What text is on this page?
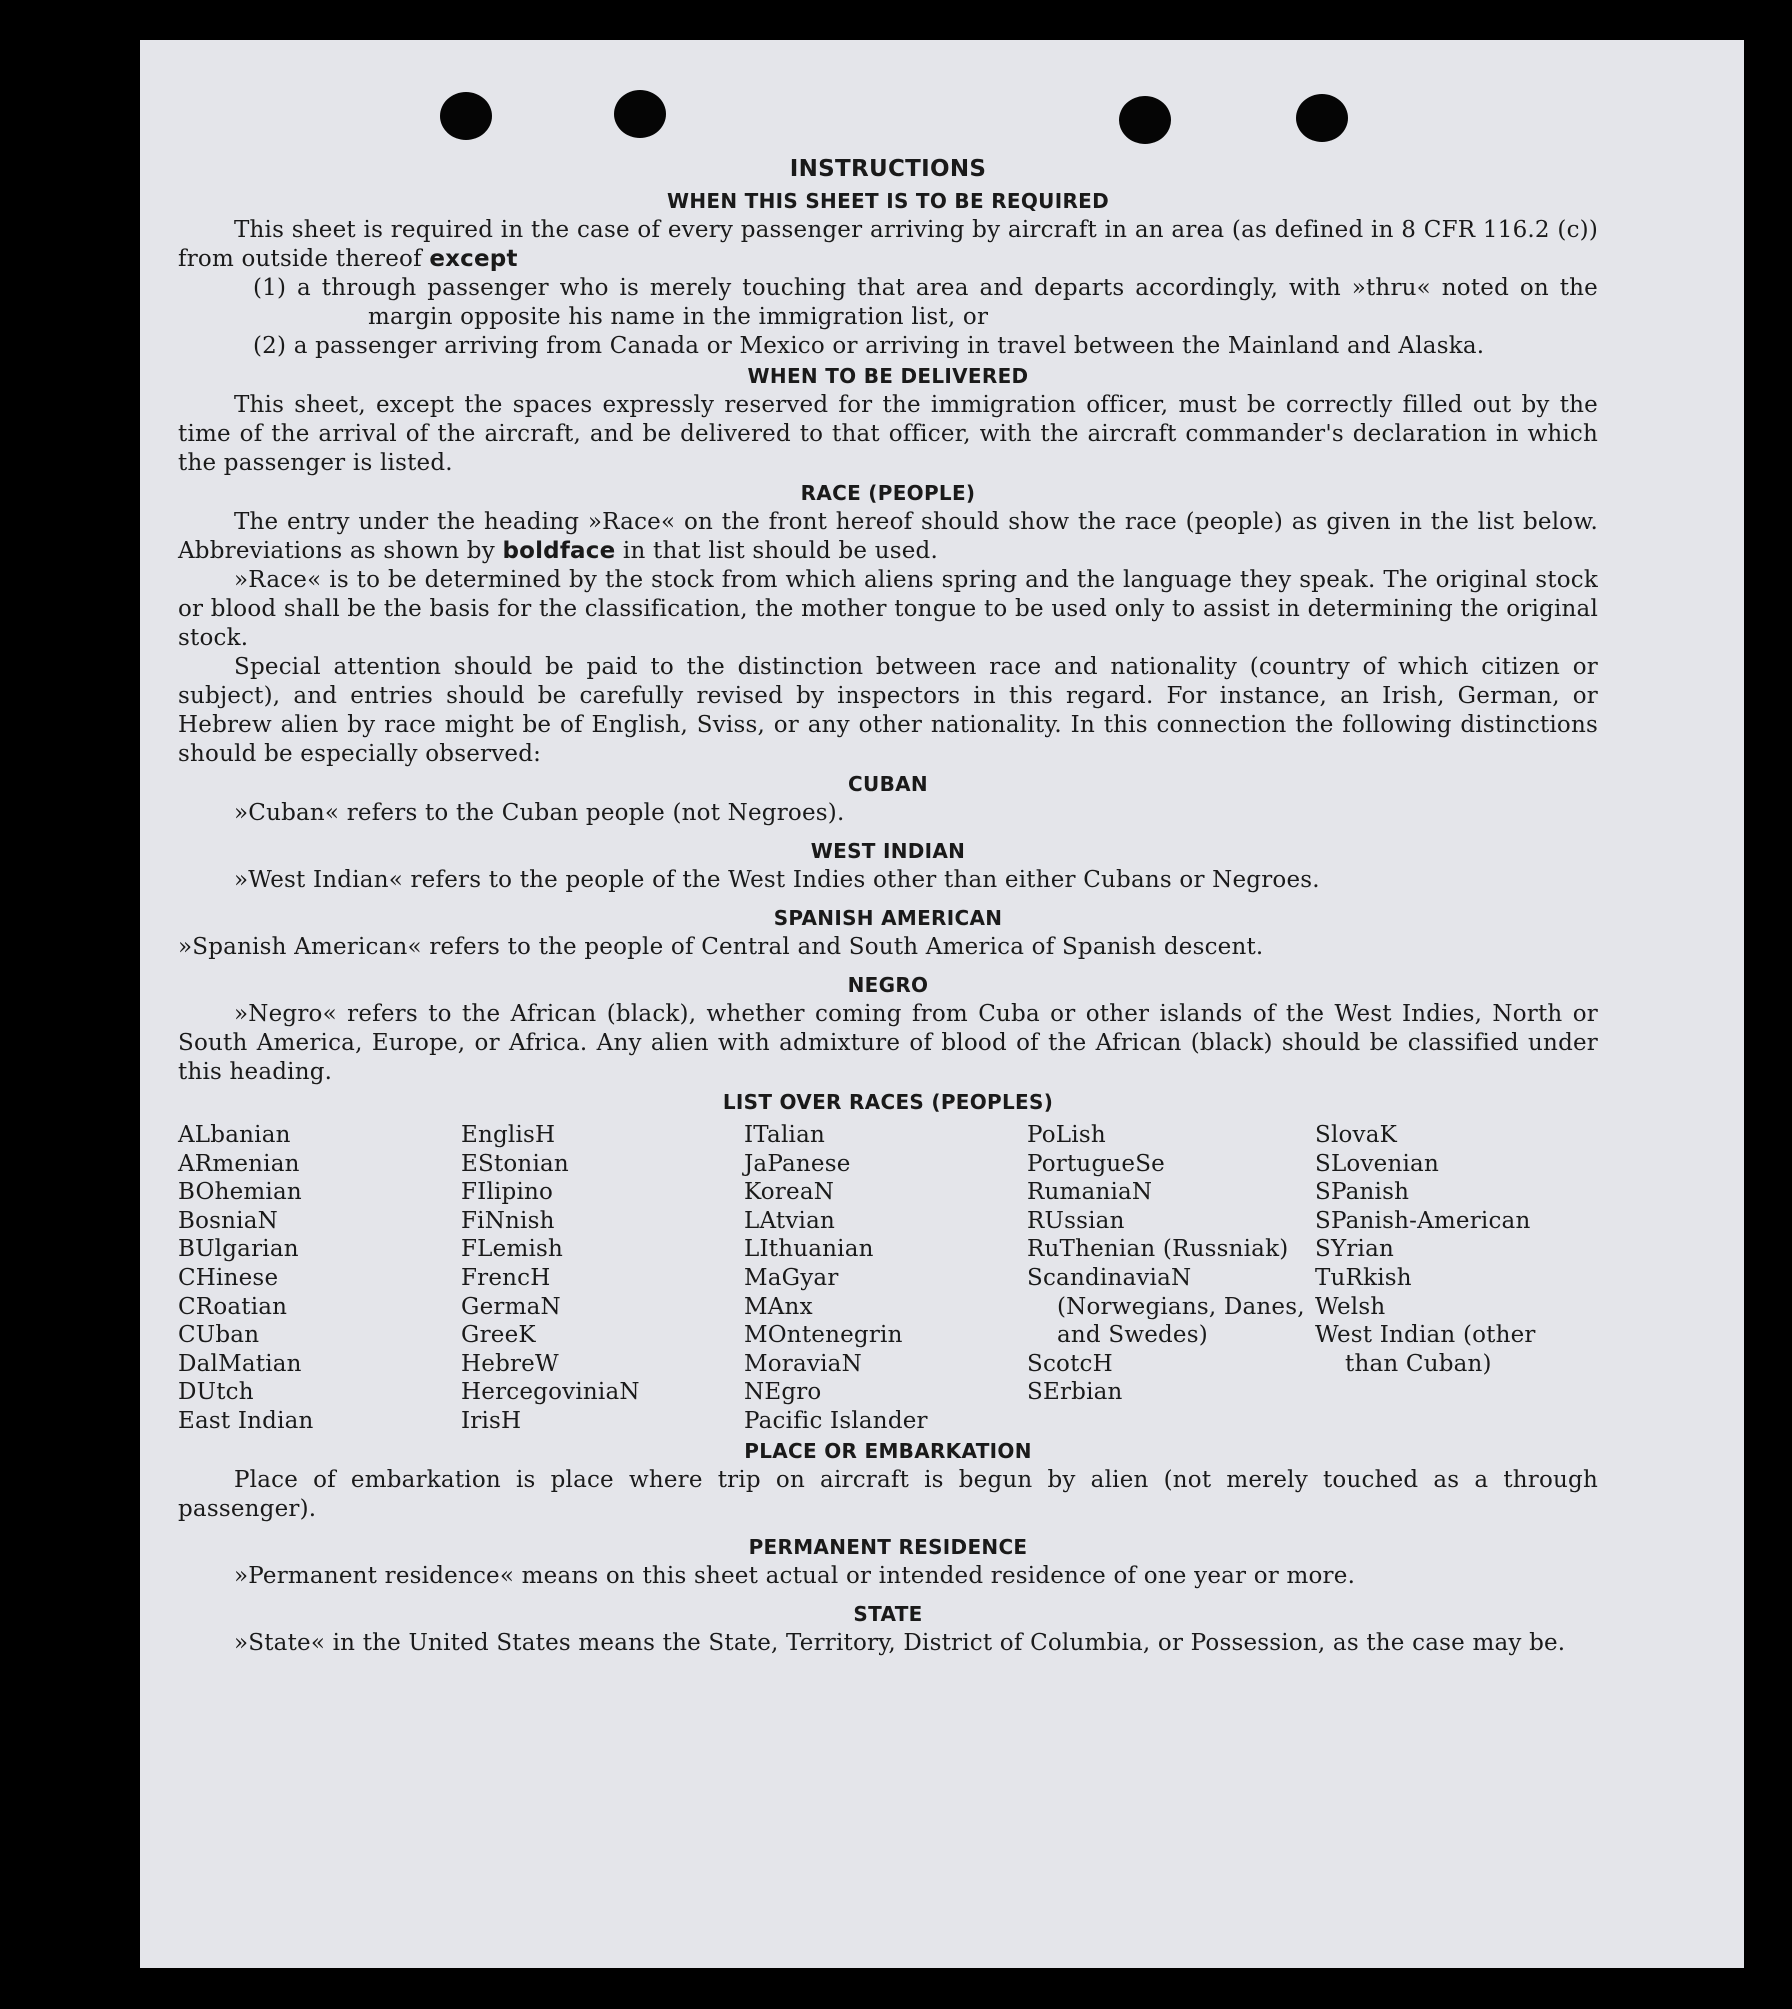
INSTRUCTIONS
WHEN THIS SHEET IS TO BE REQUIRED

This sheet is required in the case of every passenger arriving by aircraft in an area (as defined in 8 CFR 116.2 (c)) from outside thereof except

(1) a through passenger who is merely touching that area and departs accordingly, with »thru« noted on the margin opposite his name in the immigration list, or

(2) a passenger arriving from Canada or Mexico or arriving in travel between the Mainland and Alaska.

WHEN TO BE DELIVERED

This sheet, except the spaces expressly reserved for the immigration officer, must be correctly filled out by the time of the arrival of the aircraft, and be delivered to that officer, with the aircraft commander's declaration in which the passenger is listed.

RACE (PEOPLE)

The entry under the heading »Race« on the front hereof should show the race (people) as given in the list below. Abbreviations as shown by boldface in that list should be used.

»Race« is to be determined by the stock from which aliens spring and the language they speak. The original stock or blood shall be the basis for the classification, the mother tongue to be used only to assist in determining the original stock.

Special attention should be paid to the distinction between race and nationality (country of which citizen or subject), and entries should be carefully revised by inspectors in this regard. For instance, an Irish, German, or Hebrew alien by race might be of English, Sviss, or any other nationality. In this connection the following distinctions should be especially observed:

CUBAN

»Cuban« refers to the Cuban people (not Negroes).

WEST INDIAN

»West Indian« refers to the people of the West Indies other than either Cubans or Negroes.

SPANISH AMERICAN

»Spanish American« refers to the people of Central and South America of Spanish descent.

NEGRO

»Negro« refers to the African (black), whether coming from Cuba or other islands of the West Indies, North or South America, Europe, or Africa. Any alien with admixture of blood of the African (black) should be classified under this heading.

LIST OVER RACES (PEOPLES)
ALbanian
ARmenian
BOhemian
BosniaN
BUlgarian
CHinese
CRoatian
CUban
DalMatian
DUtch
East Indian
EnglisH
EStonian
FIlipino
FiNnish
FLemish
FrencH
GermaN
GreeK
HebreW
HercegoviniaN
IrisH
ITalian
JaPanese
KoreaN
LAtvian
LIthuanian
MaGyar
MAnx
MOntenegrin
MoraviaN
NEgro
Pacific Islander
PoLish
PortugueSe
RumaniaN
RUssian
RuThenian (Russniak)
ScandinaviaN (Norwegians, Danes, and Swedes)
ScotcH
SErbian
SlovaK
SLovenian
SPanish
SPanish-American
SYrian
TuRkish
Welsh
West Indian (other than Cuban)
PLACE OR EMBARKATION

Place of embarkation is place where trip on aircraft is begun by alien (not merely touched as a through passenger).

PERMANENT RESIDENCE

»Permanent residence« means on this sheet actual or intended residence of one year or more.

STATE

»State« in the United States means the State, Territory, District of Columbia, or Possession, as the case may be.
